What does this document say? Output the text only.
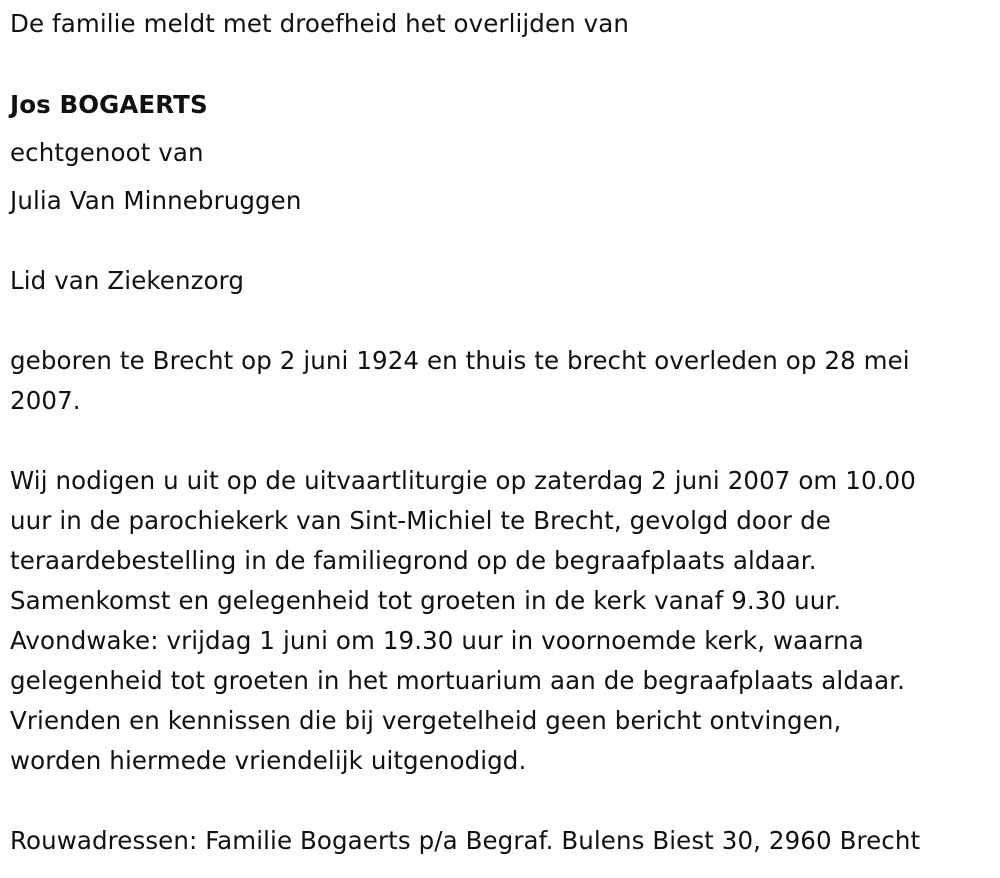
De familie meldt met droefheid het overlijden van
Jos BOGAERTS
echtgenoot van
Julia Van Minnebruggen
Lid van Ziekenzorg
geboren te Brecht op 2 juni 1924 en thuis te brecht overleden op 28 mei
2007.
Wij nodigen u uit op de uitvaartliturgie op zaterdag 2 juni 2007 om 10.00
uur in de parochiekerk van Sint-Michiel te Brecht, gevolgd door de
teraardebestelling in de familiegrond op de begraafplaats aldaar.
Samenkomst en gelegenheid tot groeten in de kerk vanaf 9.30 uur.
Avondwake: vrijdag 1 juni om 19.30 uur in voornoemde kerk, waarna
gelegenheid tot groeten in het mortuarium aan de begraafplaats aldaar.
Vrienden en kennissen die bij vergetelheid geen bericht ontvingen,
worden hiermede vriendelijk uitgenodigd.
Rouwadressen: Familie Bogaerts p/a Begraf. Bulens Biest 30, 2960 Brecht
